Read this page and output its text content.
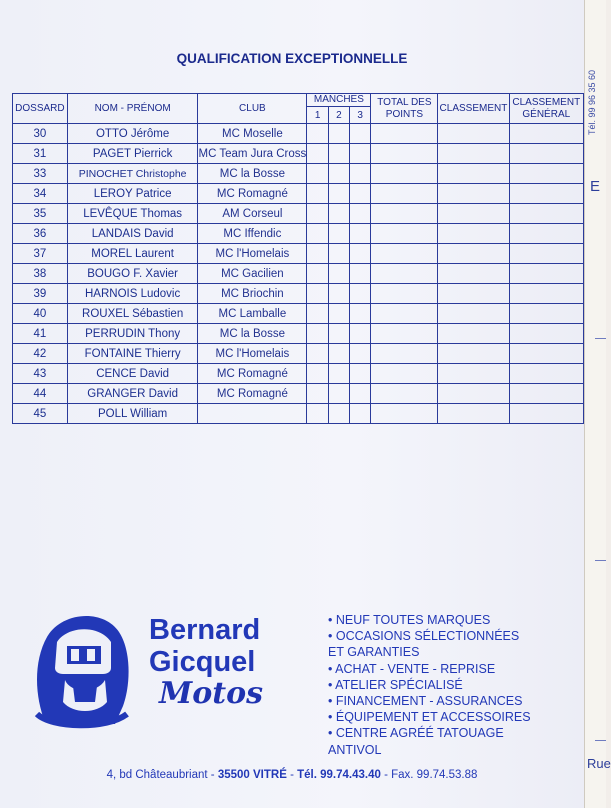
QUALIFICATION EXCEPTIONNELLE
DOSSARD	NOM - PRÉNOM	CLUB	MANCHES			TOTAL DES POINTS	CLASSEMENT	CLASSEMENT GÉNÉRAL
			1	2	3			
30	OTTO Jérôme	MC Moselle						
31	PAGET Pierrick	MC Team Jura Cross						
33	PINOCHET Christophe	MC la Bosse						
34	LEROY Patrice	MC Romagné						
35	LEVÊQUE Thomas	AM Corseul						
36	LANDAIS David	MC Iffendic						
37	MOREL Laurent	MC l'Homelais						
38	BOUGO F. Xavier	MC Gacilien						
39	HARNOIS Ludovic	MC Briochin						
40	ROUXEL Sébastien	MC Lamballe						
41	PERRUDIN Thony	MC la Bosse						
42	FONTAINE Thierry	MC l'Homelais						
43	CENCE David	MC Romagné						
44	GRANGER David	MC Romagné						
45	POLL William							
Bernard
Gicquel
Motos
• NEUF TOUTES MARQUES
• OCCASIONS SÉLECTIONNÉES
ET GARANTIES
• ACHAT - VENTE - REPRISE
• ATELIER SPÉCIALISÉ
• FINANCEMENT - ASSURANCES
• ÉQUIPEMENT ET ACCESSOIRES
• CENTRE AGRÉÉ TATOUAGE
ANTIVOL
4, bd Châteaubriant - 35500 VITRÉ - Tél. 99.74.43.40 - Fax. 99.74.53.88
Tél. 99 96 35 60
E
Rue
